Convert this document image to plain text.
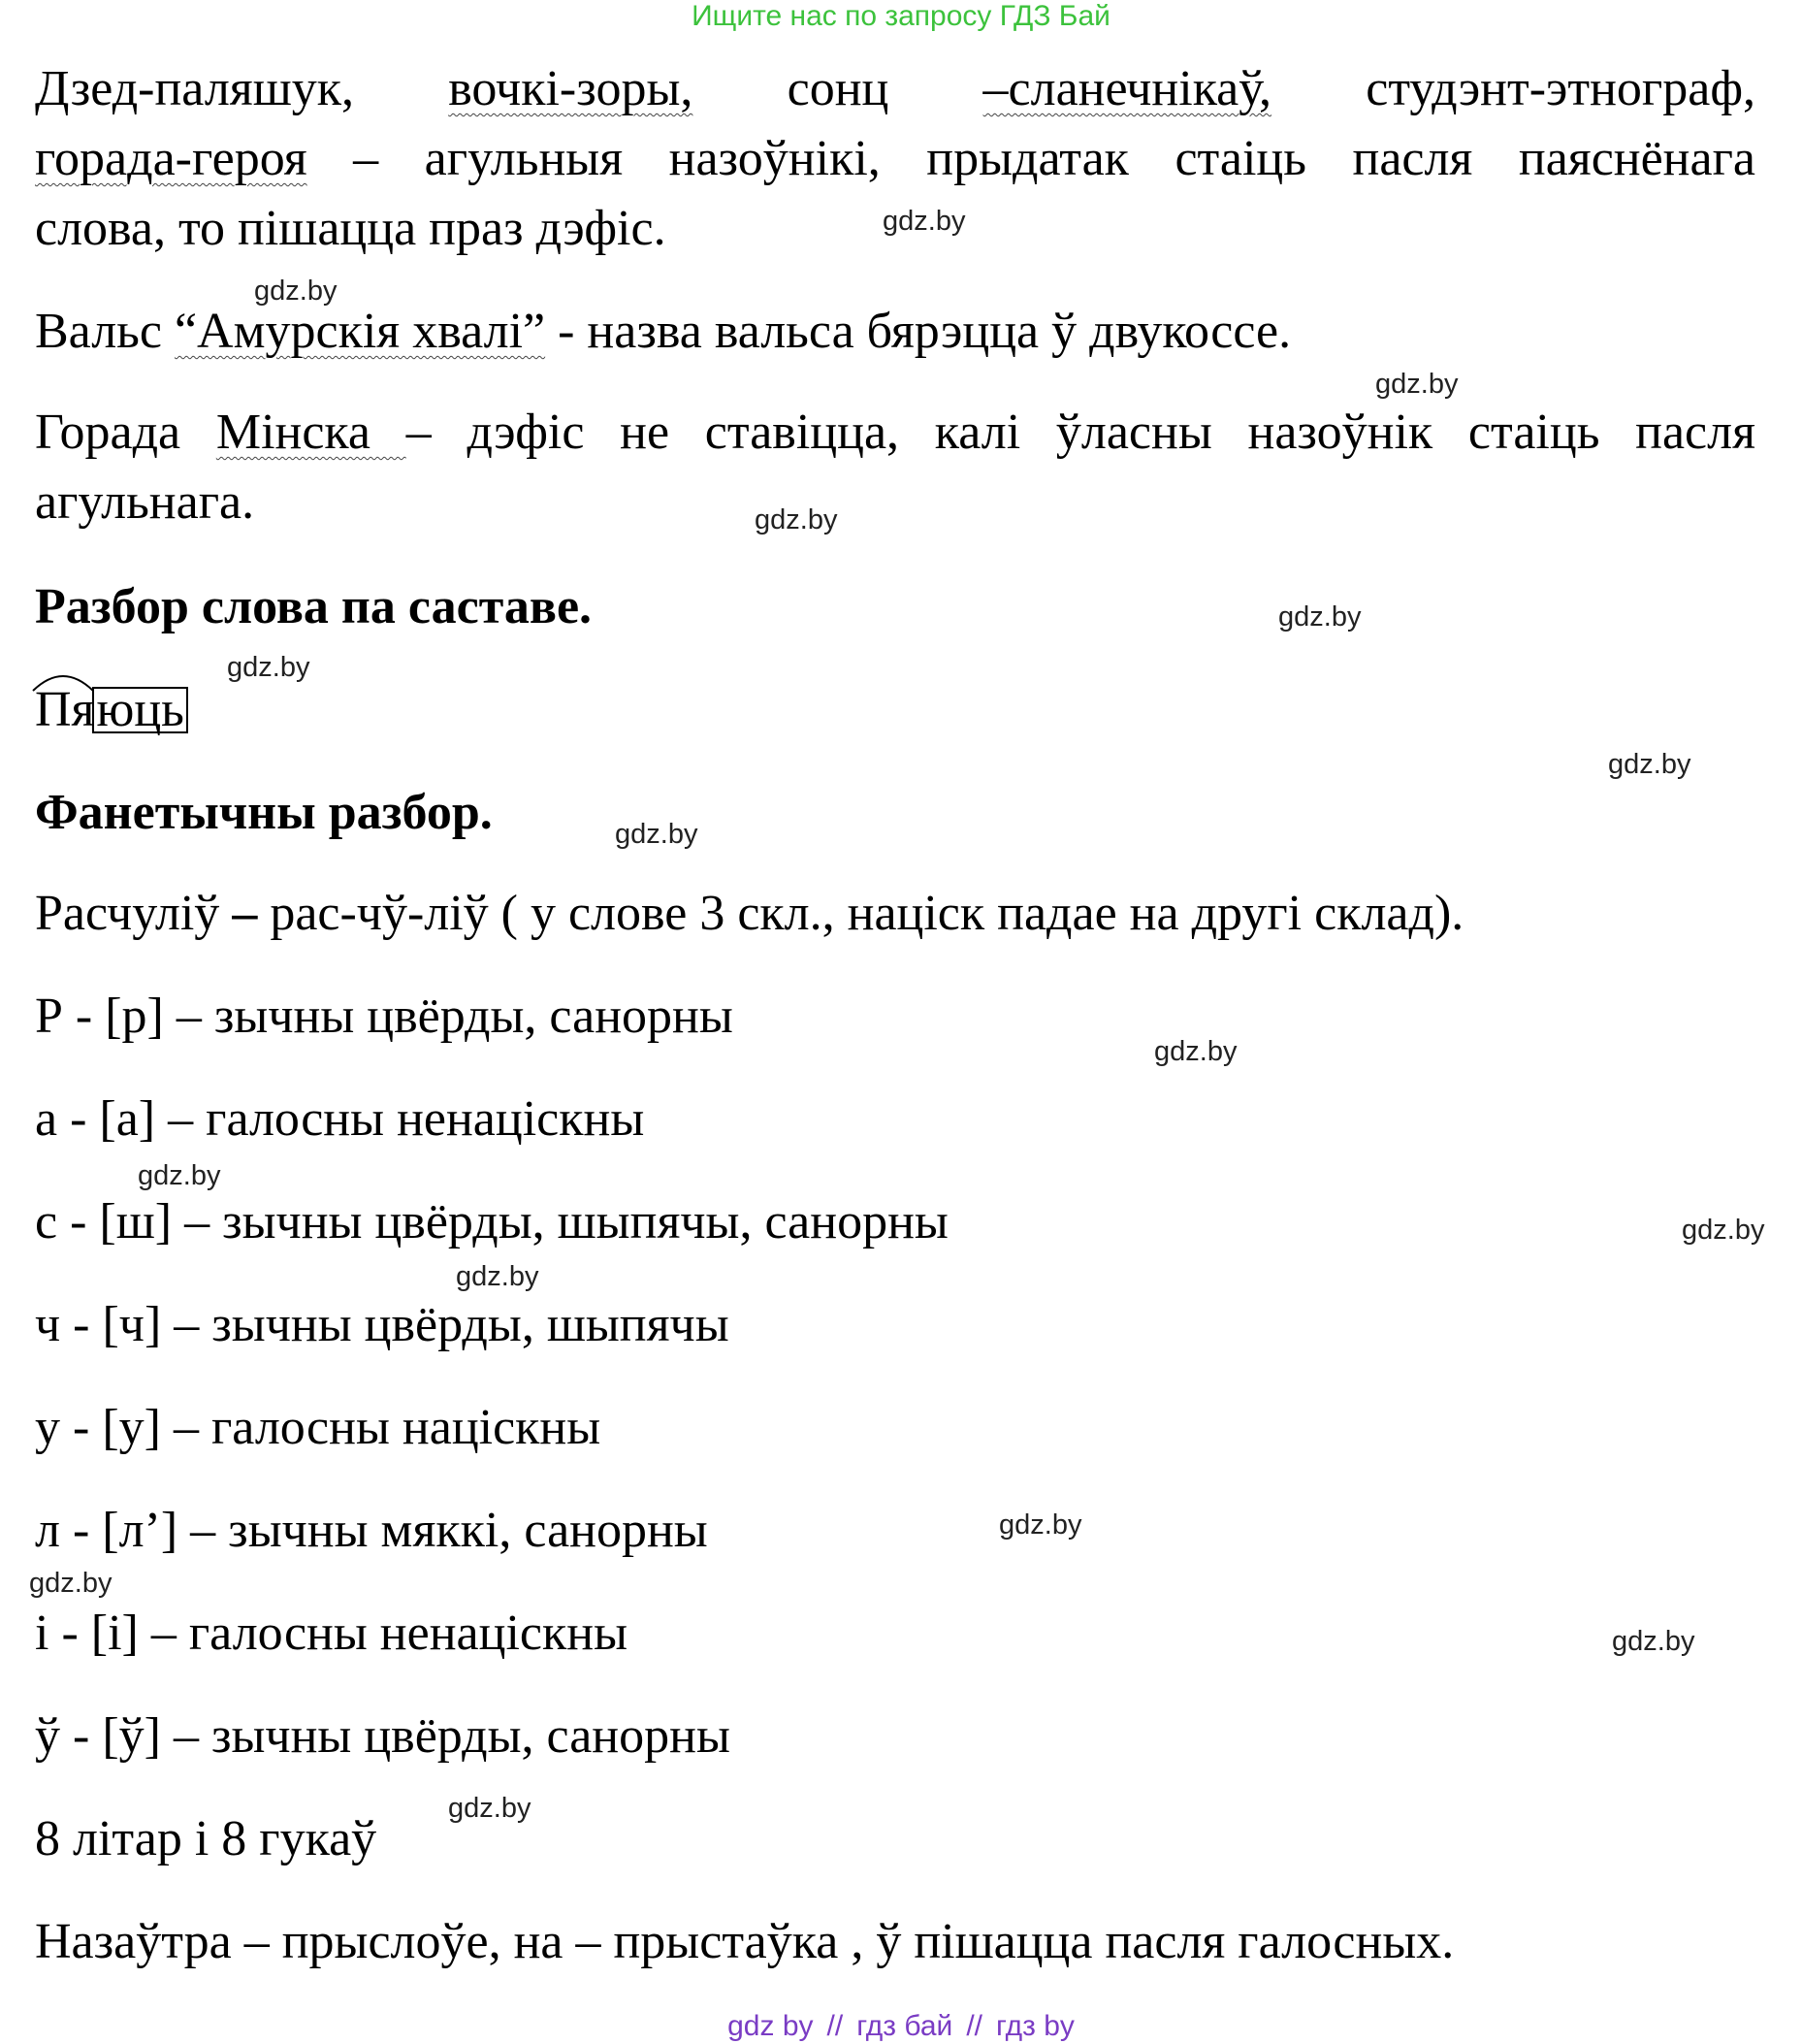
Ищите нас по запросу ГДЗ Бай
Дзед-паляшук, вочкі-зоры, сонц –сланечнікаў, студэнт-этнограф,
горада-героя – агульныя назоўнікі, прыдатак стаіць пасля паяснёнага
слова, то пішацца праз дэфіс.
Вальс “Амурскія хвалі” - назва вальса бярэцца ў двукоссе.
Горада Мінска – дэфіс не ставіцца, калі ўласны назоўнік стаіць пасля
агульнага.
Разбор слова па саставе.
Пяюць
Фанетычны разбор.
Расчуліў – рас-чў-ліў ( у слове 3 скл., націск падае на другі склад).
Р - [р] – зычны цвёрды, санорны
а - [а] – галосны ненаціскны
с - [ш] – зычны цвёрды, шыпячы, санорны
ч - [ч] – зычны цвёрды, шыпячы
у - [у] – галосны націскны
л - [л’] – зычны мяккі, санорны
і - [і] – галосны ненаціскны
ў - [ў] – зычны цвёрды, санорны
8 літар і 8 гукаў
Назаўтра – прыслоўе, на – прыстаўка , ў пішацца пасля галосных.
gdz.by
gdz.by
gdz.by
gdz.by
gdz.by
gdz.by
gdz.by
gdz.by
gdz.by
gdz.by
gdz.by
gdz.by
gdz.by
gdz.by
gdz.by
gdz.by
gdz by // гдз бай // гдз by
